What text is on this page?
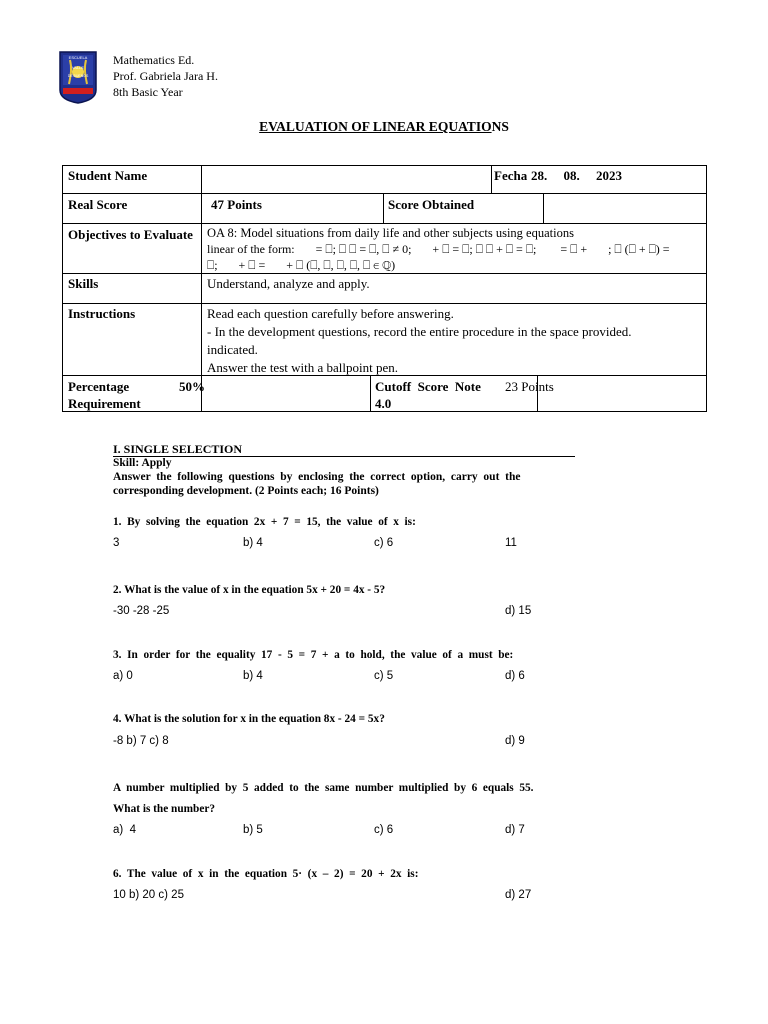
ESCUELA
VALLE
DE BUENOS
Mathematics Ed.
Prof. Gabriela Jara H.
8th Basic Year
EVALUATION OF LINEAR EQUATIONS
Student Name	Fecha 28.     08.     2023
Real Score	47 Points	Score Obtained
Objectives to Evaluate OA 8: Model situations from daily life and other subjects using equations
linear of the form:       = ⎕; ⎕ ⎕ = ⎕, ⎕ ≠ 0;       + ⎕ = ⎕; ⎕ ⎕ + ⎕ = ⎕;        = ⎕ +       ; ⎕ (⎕ + ⎕) =
⎕;       + ⎕ =       + ⎕ (⎕, ⎕, ⎕, ⎕, ⎕ ∈ ℚ)
Skills	Understand, analyze and apply.
Instructions	Read each question carefully before answering.
- In the development questions, record the entire procedure in the space provided.
indicated.
Answer the test with a ballpoint pen.
Percentage	50%
Requirement
Cutoff  Score  Note 23 Points
4.0
I. SINGLE SELECTION
Skill: Apply
Answer  the  following  questions  by  enclosing  the  correct  option,  carry  out  the
corresponding development. (2 Points each; 16 Points)
1.  By  solving  the  equation  2x  +  7  =  15,  the  value  of  x  is:
3	b) 4	c) 6	11
2. What is the value of x in the equation 5x + 20 = 4x - 5?
-30 -28 -25	d) 15
3.  In  order  for  the  equality  17  -  5  =  7  +  a  to  hold,  the  value  of  a  must  be:
a) 0	b) 4	c) 5	d) 6
4. What is the solution for x in the equation 8x - 24 = 5x?
-8 b) 7 c) 8	d) 9
A  number  multiplied  by  5  added  to  the  same  number  multiplied  by  6  equals  55.
What is the number?
a)  4	b) 5	c) 6	d) 7
6.  The  value  of  x  in  the  equation  5·  (x  –  2)  =  20  +  2x  is:
10 b) 20 c) 25	d) 27
